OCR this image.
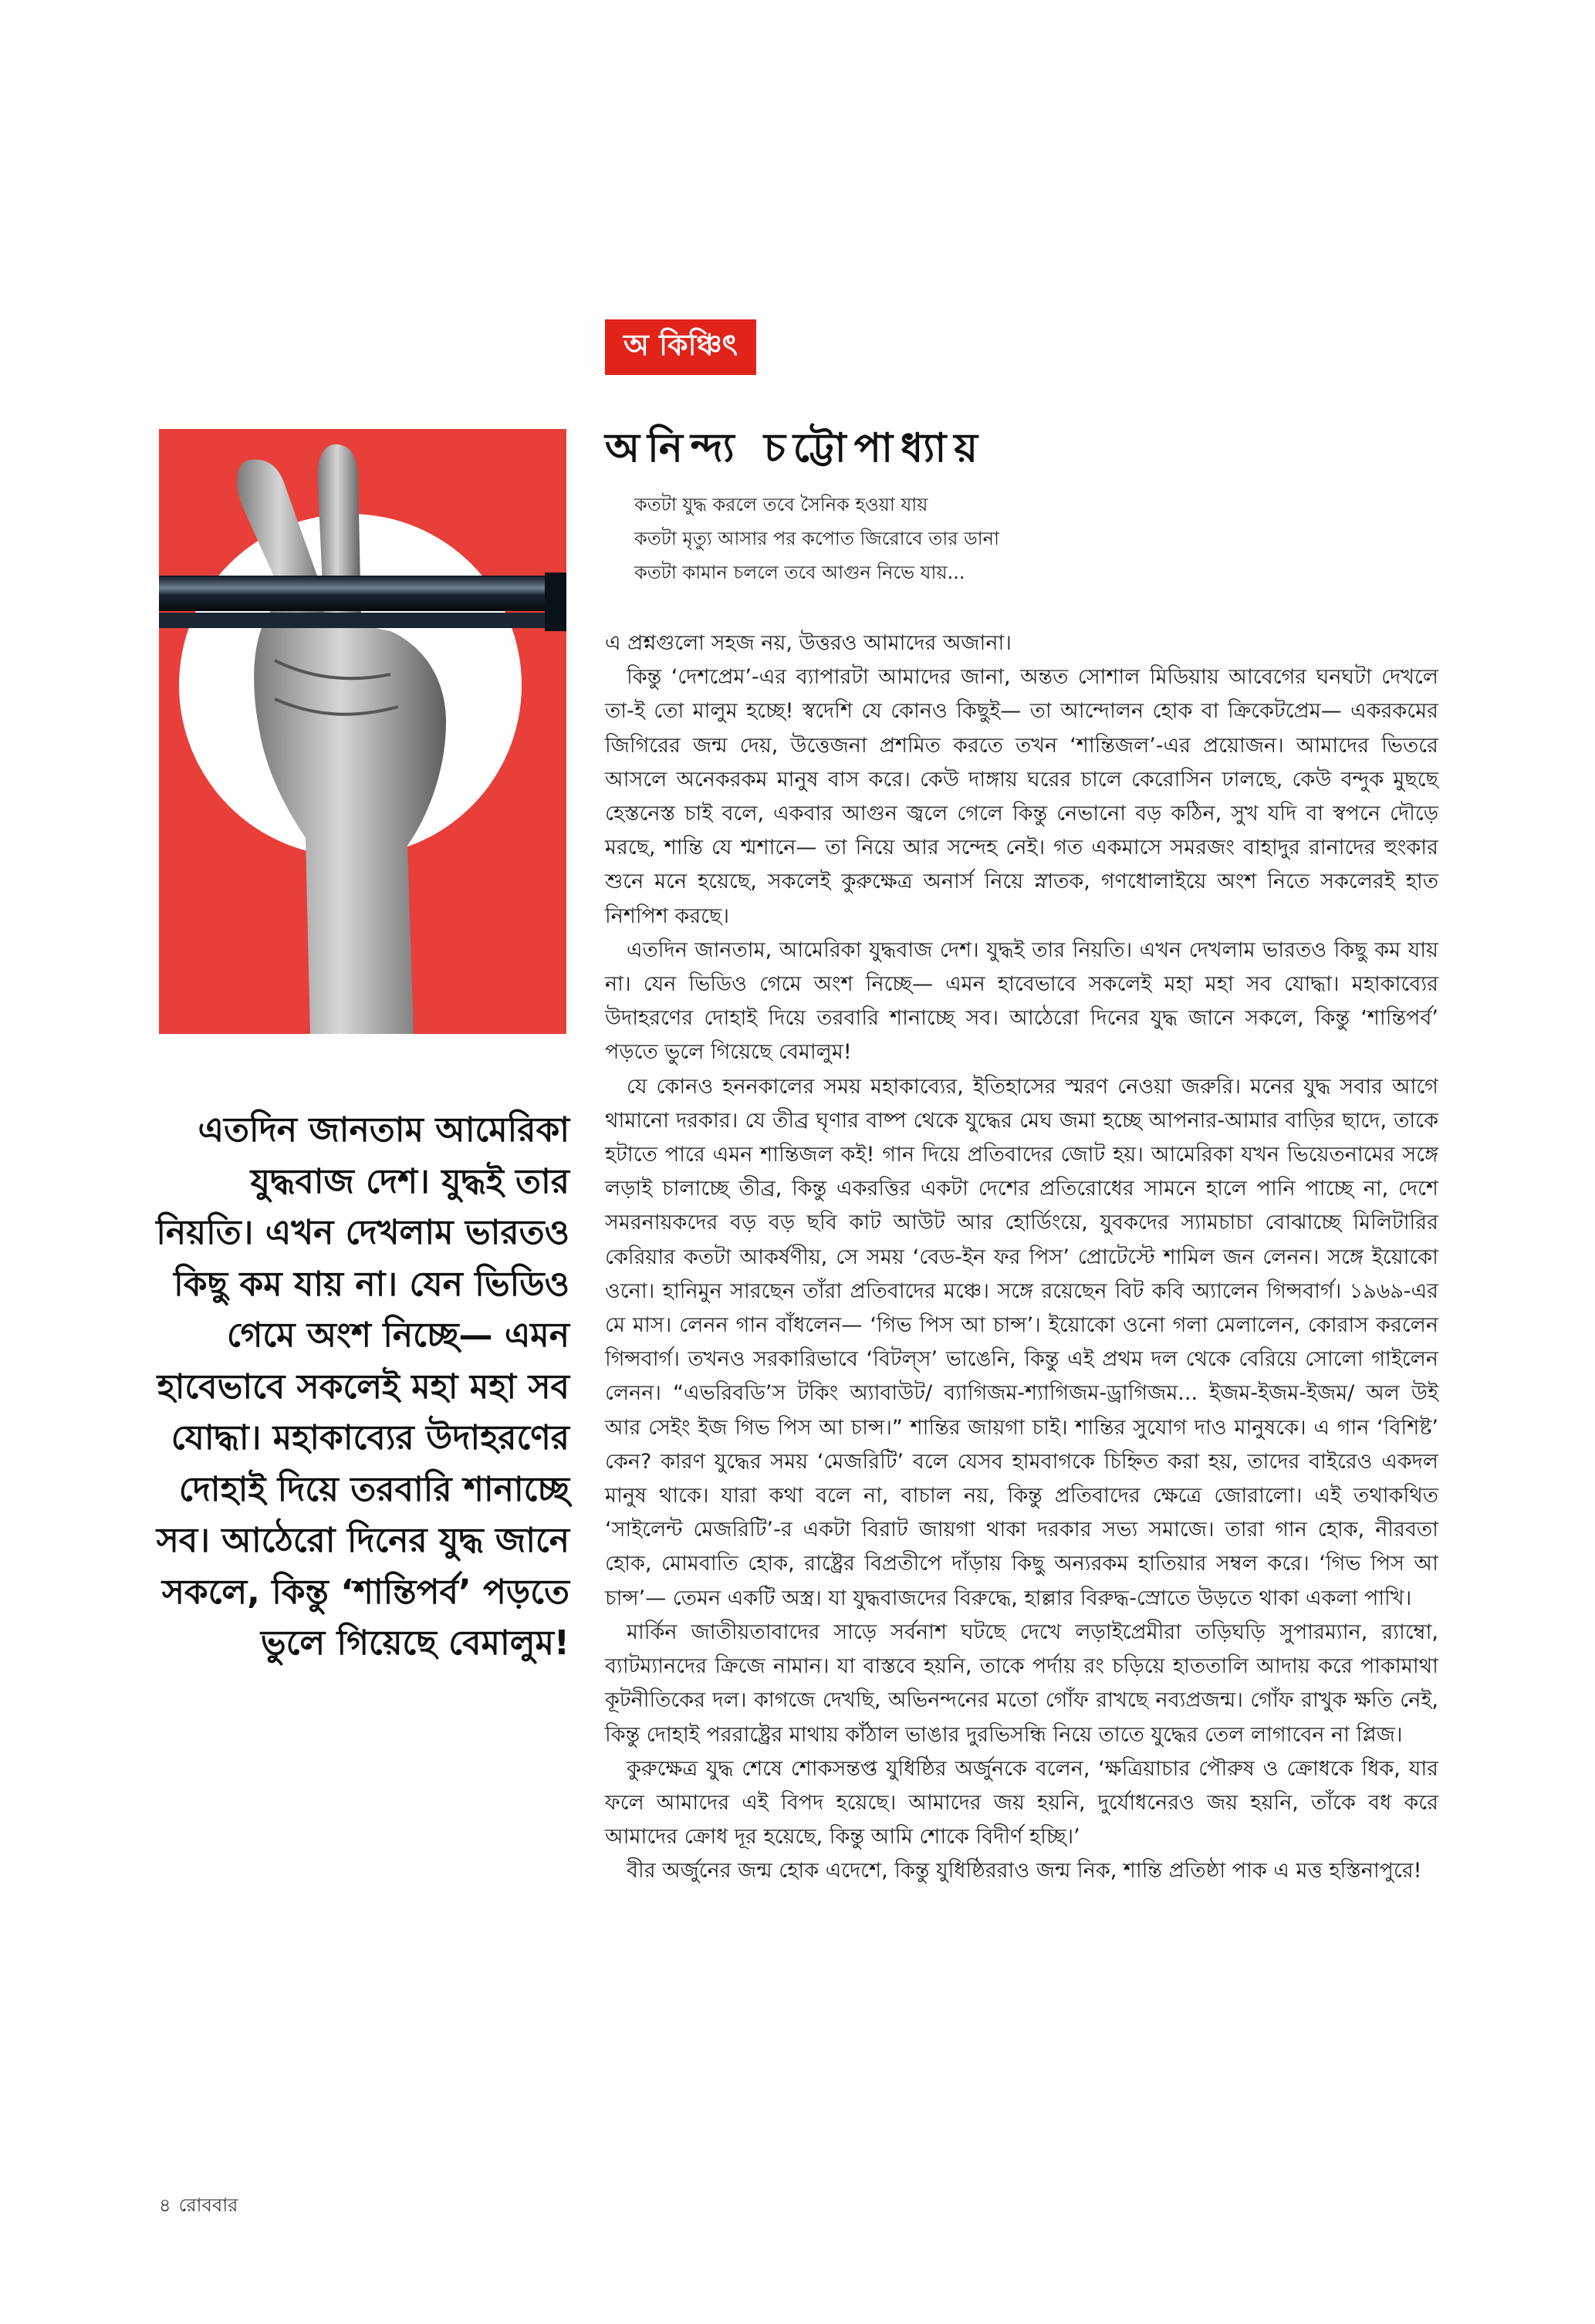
অ কিঞ্চিৎ
অনিন্দ্য চট্টোপাধ্যায়
কতটা যুদ্ধ করলে তবে সৈনিক হওয়া যায়
কতটা মৃত্যু আসার পর কপোত জিরোবে তার ডানা
কতটা কামান চললে তবে আগুন নিভে যায়...
এতদিন জানতাম আমেরিকা যুদ্ধবাজ দেশ। যুদ্ধই তার নিয়তি। এখন দেখলাম ভারতও কিছু কম যায় না। যেন ভিডিও গেমে অংশ নিচ্ছে— এমন হাবেভাবে সকলেই মহা মহা সব যোদ্ধা। মহাকাব্যের উদাহরণের দোহাই দিয়ে তরবারি শানাচ্ছে সব। আঠেরো দিনের যুদ্ধ জানে সকলে, কিন্তু ‘শান্তিপর্ব’ পড়তে ভুলে গিয়েছে বেমালুম!

এ প্রশ্নগুলো সহজ নয়, উত্তরও আমাদের অজানা।

কিন্তু ‘দেশপ্রেম’-এর ব্যাপারটা আমাদের জানা, অন্তত সোশাল মিডিয়ায় আবেগের ঘনঘটা দেখলে তা-ই তো মালুম হচ্ছে! স্বদেশি যে কোনও কিছুই— তা আন্দোলন হোক বা ক্রিকেটপ্রেম— একরকমের জিগিরের জন্ম দেয়, উত্তেজনা প্রশমিত করতে তখন ‘শান্তিজল’-এর প্রয়োজন। আমাদের ভিতরে আসলে অনেকরকম মানুষ বাস করে। কেউ দাঙ্গায় ঘরের চালে কেরোসিন ঢালছে, কেউ বন্দুক মুছছে হেস্তনেস্ত চাই বলে, একবার আগুন জ্বলে গেলে কিন্তু নেভানো বড় কঠিন, সুখ যদি বা স্বপনে দৌড়ে মরছে, শান্তি যে শ্মশানে— তা নিয়ে আর সন্দেহ নেই। গত একমাসে সমরজং বাহাদুর রানাদের হুংকার শুনে মনে হয়েছে, সকলেই কুরুক্ষেত্র অনার্স নিয়ে স্নাতক, গণধোলাইয়ে অংশ নিতে সকলেরই হাত নিশপিশ করছে।

এতদিন জানতাম, আমেরিকা যুদ্ধবাজ দেশ। যুদ্ধই তার নিয়তি। এখন দেখলাম ভারতও কিছু কম যায় না। যেন ভিডিও গেমে অংশ নিচ্ছে— এমন হাবেভাবে সকলেই মহা মহা সব যোদ্ধা। মহাকাব্যের উদাহরণের দোহাই দিয়ে তরবারি শানাচ্ছে সব। আঠেরো দিনের যুদ্ধ জানে সকলে, কিন্তু ‘শান্তিপর্ব’ পড়তে ভুলে গিয়েছে বেমালুম!

যে কোনও হননকালের সময় মহাকাব্যের, ইতিহাসের স্মরণ নেওয়া জরুরি। মনের যুদ্ধ সবার আগে থামানো দরকার। যে তীব্র ঘৃণার বাষ্প থেকে যুদ্ধের মেঘ জমা হচ্ছে আপনার-আমার বাড়ির ছাদে, তাকে হটাতে পারে এমন শান্তিজল কই! গান দিয়ে প্রতিবাদের জোট হয়। আমেরিকা যখন ভিয়েতনামের সঙ্গে লড়াই চালাচ্ছে তীব্র, কিন্তু একরত্তির একটা দেশের প্রতিরোধের সামনে হালে পানি পাচ্ছে না, দেশে সমরনায়কদের বড় বড় ছবি কাট আউট আর হোর্ডিংয়ে, যুবকদের স্যামচাচা বোঝাচ্ছে মিলিটারির কেরিয়ার কতটা আকর্ষণীয়, সে সময় ‘বেড-ইন ফর পিস’ প্রোটেস্টে শামিল জন লেনন। সঙ্গে ইয়োকো ওনো। হানিমুন সারছেন তাঁরা প্রতিবাদের মঞ্চে। সঙ্গে রয়েছেন বিট কবি অ্যালেন গিন্সবার্গ। ১৯৬৯-এর মে মাস। লেনন গান বাঁধলেন— ‘গিভ পিস আ চান্স’। ইয়োকো ওনো গলা মেলালেন, কোরাস করলেন গিন্সবার্গ। তখনও সরকারিভাবে ‘বিটল্স’ ভাঙেনি, কিন্তু এই প্রথম দল থেকে বেরিয়ে সোলো গাইলেন লেনন। “এভরিবডি’স টকিং অ্যাবাউট/ ব্যাগিজম-শ্যাগিজম-ড্রাগিজম... ইজম-ইজম-ইজম/ অল উই আর সেইং ইজ গিভ পিস আ চান্স।” শান্তির জায়গা চাই। শান্তির সুযোগ দাও মানুষকে। এ গান ‘বিশিষ্ট’ কেন? কারণ যুদ্ধের সময় ‘মেজরিটি’ বলে যেসব হামবাগকে চিহ্নিত করা হয়, তাদের বাইরেও একদল মানুষ থাকে। যারা কথা বলে না, বাচাল নয়, কিন্তু প্রতিবাদের ক্ষেত্রে জোরালো। এই তথাকথিত ‘সাইলেন্ট মেজরিটি’-র একটা বিরাট জায়গা থাকা দরকার সভ্য সমাজে। তারা গান হোক, নীরবতা হোক, মোমবাতি হোক, রাষ্ট্রের বিপ্রতীপে দাঁড়ায় কিছু অন্যরকম হাতিয়ার সম্বল করে। ‘গিভ পিস আ চান্স’— তেমন একটি অস্ত্র। যা যুদ্ধবাজদের বিরুদ্ধে, হাল্লার বিরুদ্ধ-স্রোতে উড়তে থাকা একলা পাখি।

মার্কিন জাতীয়তাবাদের সাড়ে সর্বনাশ ঘটছে দেখে লড়াইপ্রেমীরা তড়িঘড়ি সুপারম্যান, র‍্যাম্বো, ব্যাটম্যানদের ক্রিজে নামান। যা বাস্তবে হয়নি, তাকে পর্দায় রং চড়িয়ে হাততালি আদায় করে পাকামাথা কূটনীতিকের দল। কাগজে দেখছি, অভিনন্দনের মতো গোঁফ রাখছে নব্যপ্রজন্ম। গোঁফ রাখুক ক্ষতি নেই, কিন্তু দোহাই পররাষ্ট্রের মাথায় কাঁঠাল ভাঙার দুরভিসন্ধি নিয়ে তাতে যুদ্ধের তেল লাগাবেন না প্লিজ।

কুরুক্ষেত্র যুদ্ধ শেষে শোকসন্তপ্ত যুধিষ্ঠির অর্জুনকে বলেন, ‘ক্ষত্রিয়াচার পৌরুষ ও ক্রোধকে ধিক, যার ফলে আমাদের এই বিপদ হয়েছে। আমাদের জয় হয়নি, দুর্যোধনেরও জয় হয়নি, তাঁকে বধ করে আমাদের ক্রোধ দূর হয়েছে, কিন্তু আমি শোকে বিদীর্ণ হচ্ছি।’

বীর অর্জুনের জন্ম হোক এদেশে, কিন্তু যুধিষ্ঠিররাও জন্ম নিক, শান্তি প্রতিষ্ঠা পাক এ মত্ত হস্তিনাপুরে!

৪ রোববার
